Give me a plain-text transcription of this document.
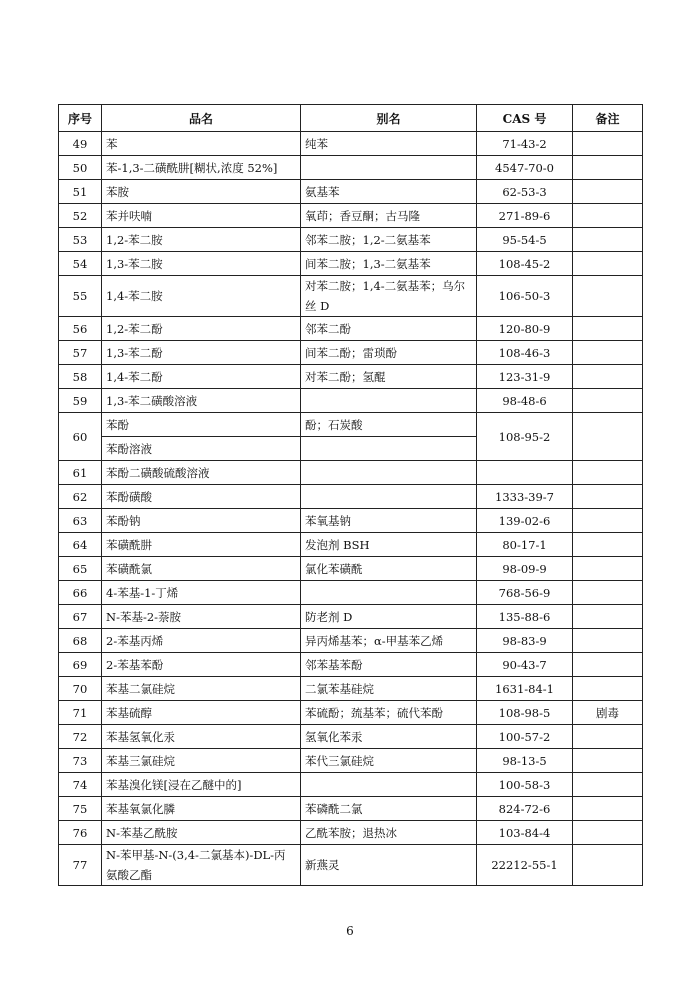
序号	品名	别名	CAS 号	备注
49	苯	纯苯	71-43-2	
50	苯-1,3-二磺酰肼[糊状,浓度 52%]		4547-70-0	
51	苯胺	氨基苯	62-53-3	
52	苯并呋喃	氧茚；香豆酮；古马隆	271-89-6	
53	1,2-苯二胺	邻苯二胺；1,2-二氨基苯	95-54-5	
54	1,3-苯二胺	间苯二胺；1,3-二氨基苯	108-45-2	
55	1,4-苯二胺	对苯二胺；1,4-二氨基苯；乌尔丝 D	106-50-3	
56	1,2-苯二酚	邻苯二酚	120-80-9	
57	1,3-苯二酚	间苯二酚；雷琐酚	108-46-3	
58	1,4-苯二酚	对苯二酚；氢醌	123-31-9	
59	1,3-苯二磺酸溶液		98-48-6	
60	苯酚	酚；石炭酸	108-95-2	
	苯酚溶液			
61	苯酚二磺酸硫酸溶液			
62	苯酚磺酸		1333-39-7	
63	苯酚钠	苯氧基钠	139-02-6	
64	苯磺酰肼	发泡剂 BSH	80-17-1	
65	苯磺酰氯	氯化苯磺酰	98-09-9	
66	4-苯基-1-丁烯		768-56-9	
67	N-苯基-2-萘胺	防老剂 D	135-88-6	
68	2-苯基丙烯	异丙烯基苯；α-甲基苯乙烯	98-83-9	
69	2-苯基苯酚	邻苯基苯酚	90-43-7	
70	苯基二氯硅烷	二氯苯基硅烷	1631-84-1	
71	苯基硫醇	苯硫酚；巯基苯；硫代苯酚	108-98-5	剧毒
72	苯基氢氧化汞	氢氧化苯汞	100-57-2	
73	苯基三氯硅烷	苯代三氯硅烷	98-13-5	
74	苯基溴化镁[浸在乙醚中的]		100-58-3	
75	苯基氧氯化膦	苯磷酰二氯	824-72-6	
76	N-苯基乙酰胺	乙酰苯胺；退热冰	103-84-4	
77	N-苯甲基-N-(3,4-二氯基本)-DL-丙氨酸乙酯	新燕灵	22212-55-1	
6
